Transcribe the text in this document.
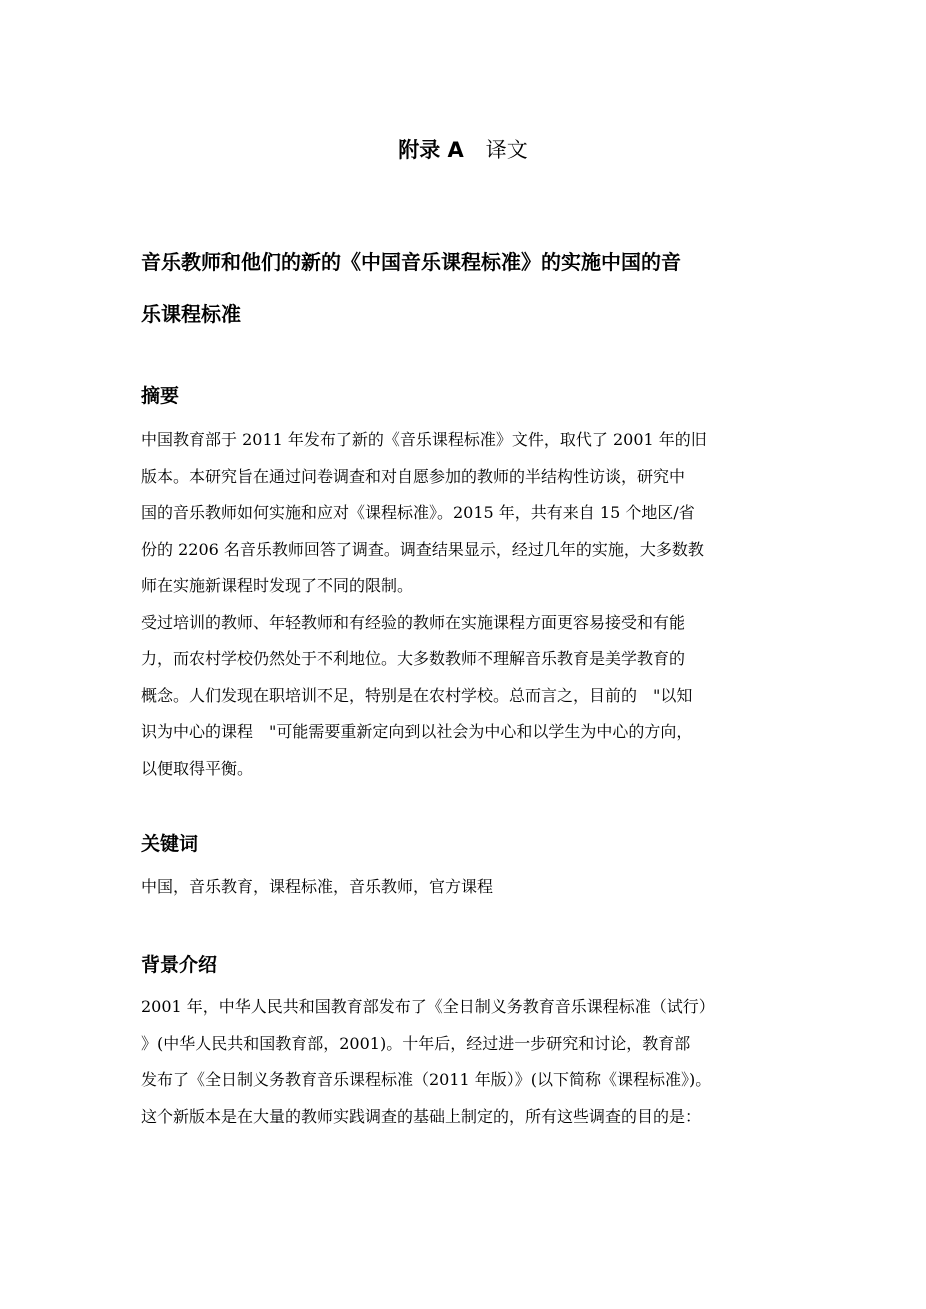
附录 A 译文
音乐教师和他们的新的《中国音乐课程标准》的实施中国的音
乐课程标准
摘要
中国教育部于 2011 年发布了新的《音乐课程标准》文件，取代了 2001 年的旧
版本。本研究旨在通过问卷调查和对自愿参加的教师的半结构性访谈，研究中
国的音乐教师如何实施和应对《课程标准》。2015 年，共有来自 15 个地区/省
份的 2206 名音乐教师回答了调查。调查结果显示，经过几年的实施，大多数教
师在实施新课程时发现了不同的限制。
受过培训的教师、年轻教师和有经验的教师在实施课程方面更容易接受和有能
力，而农村学校仍然处于不利地位。大多数教师不理解音乐教育是美学教育的
概念。人们发现在职培训不足，特别是在农村学校。总而言之，目前的　"以知
识为中心的课程　"可能需要重新定向到以社会为中心和以学生为中心的方向，
以便取得平衡。
关键词
中国，音乐教育，课程标准，音乐教师，官方课程
背景介绍
2001 年，中华人民共和国教育部发布了《全日制义务教育音乐课程标准（试行）
》(中华人民共和国教育部，2001)。十年后，经过进一步研究和讨论，教育部
发布了《全日制义务教育音乐课程标准（2011 年版）》(以下简称《课程标准》)。
这个新版本是在大量的教师实践调查的基础上制定的，所有这些调查的目的是：
